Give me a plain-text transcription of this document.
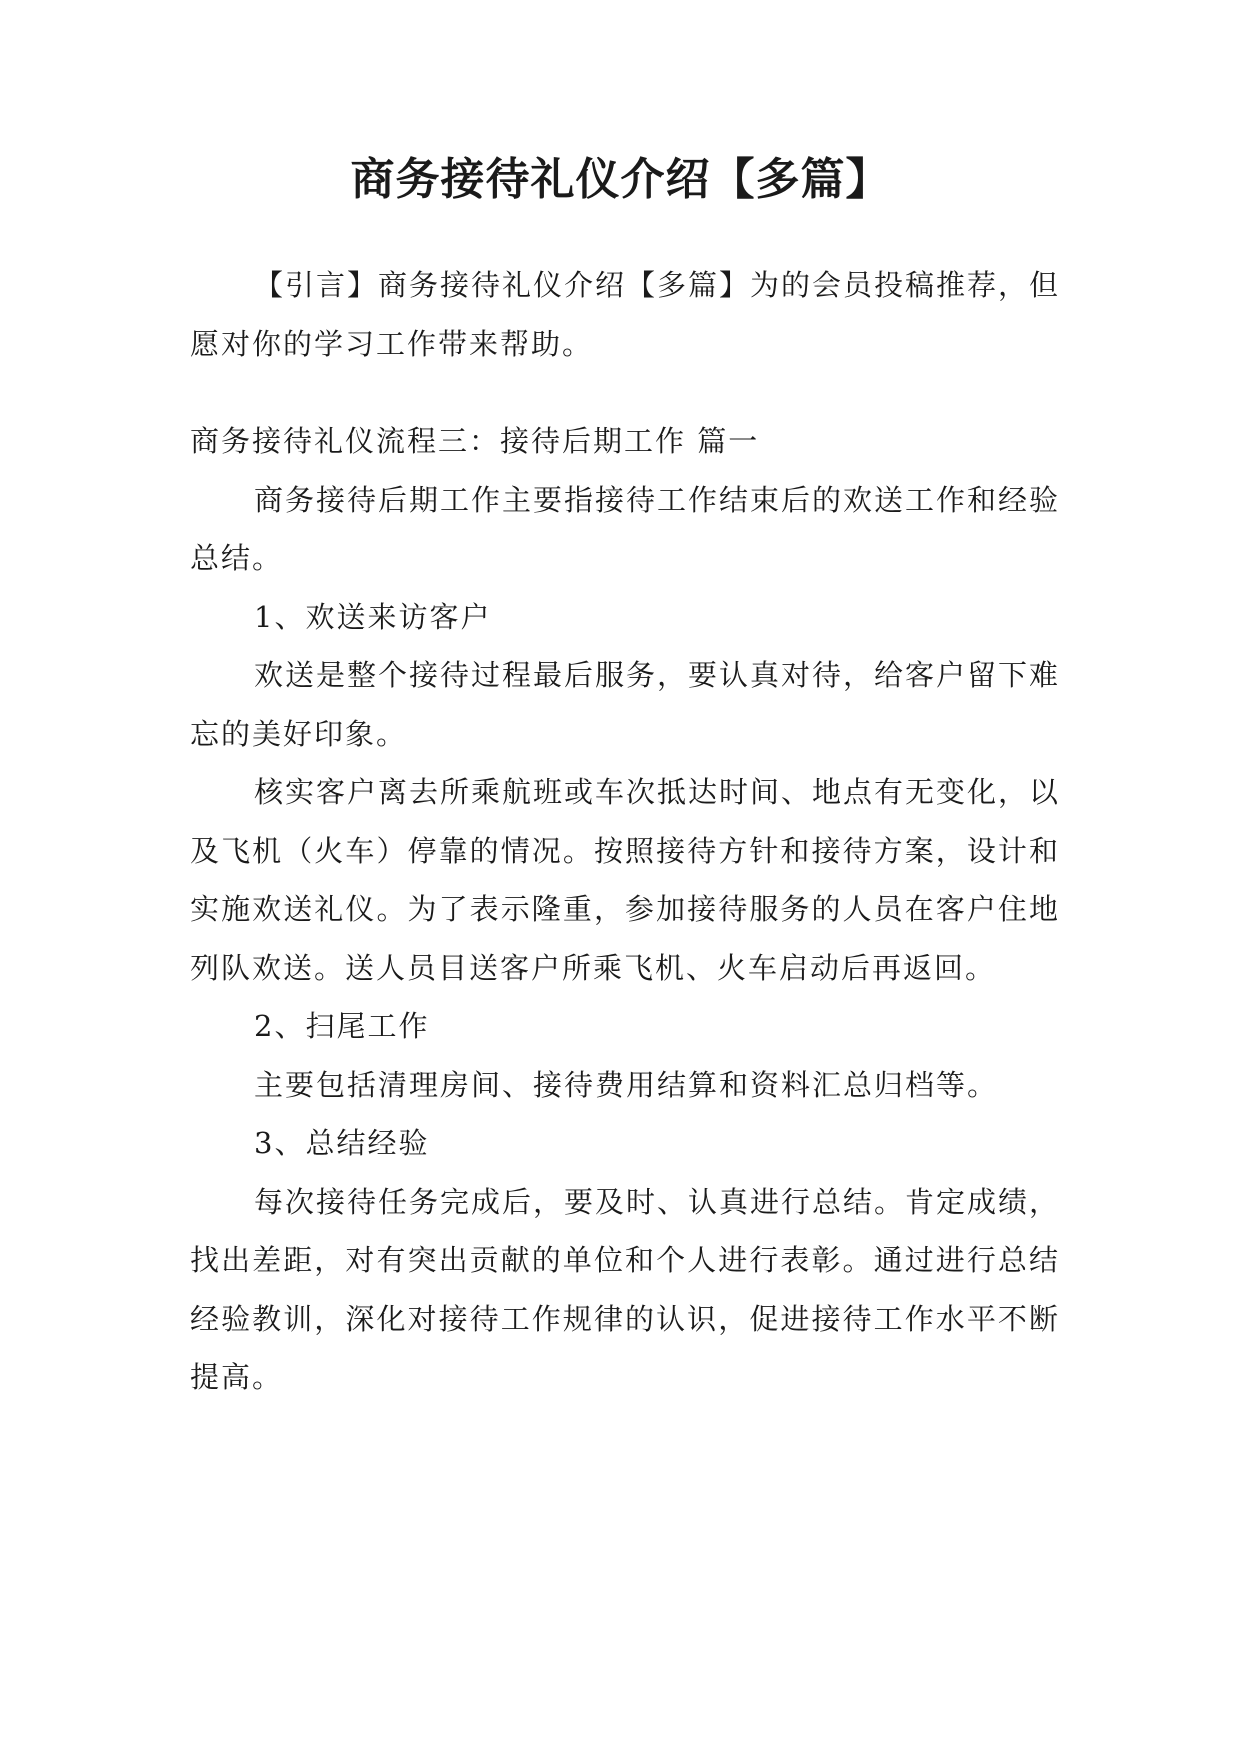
商务接待礼仪介绍【多篇】

【引言】商务接待礼仪介绍【多篇】为的会员投稿推荐，但愿对你的学习工作带来帮助。

商务接待礼仪流程三：接待后期工作 篇一

商务接待后期工作主要指接待工作结束后的欢送工作和经验总结。

1、欢送来访客户

欢送是整个接待过程最后服务，要认真对待，给客户留下难忘的美好印象。

核实客户离去所乘航班或车次抵达时间、地点有无变化，以及飞机（火车）停靠的情况。按照接待方针和接待方案，设计和实施欢送礼仪。为了表示隆重，参加接待服务的人员在客户住地列队欢送。送人员目送客户所乘飞机、火车启动后再返回。

2、扫尾工作

主要包括清理房间、接待费用结算和资料汇总归档等。

3、总结经验

每次接待任务完成后，要及时、认真进行总结。肯定成绩，找出差距，对有突出贡献的单位和个人进行表彰。通过进行总结经验教训，深化对接待工作规律的认识，促进接待工作水平不断提高。
